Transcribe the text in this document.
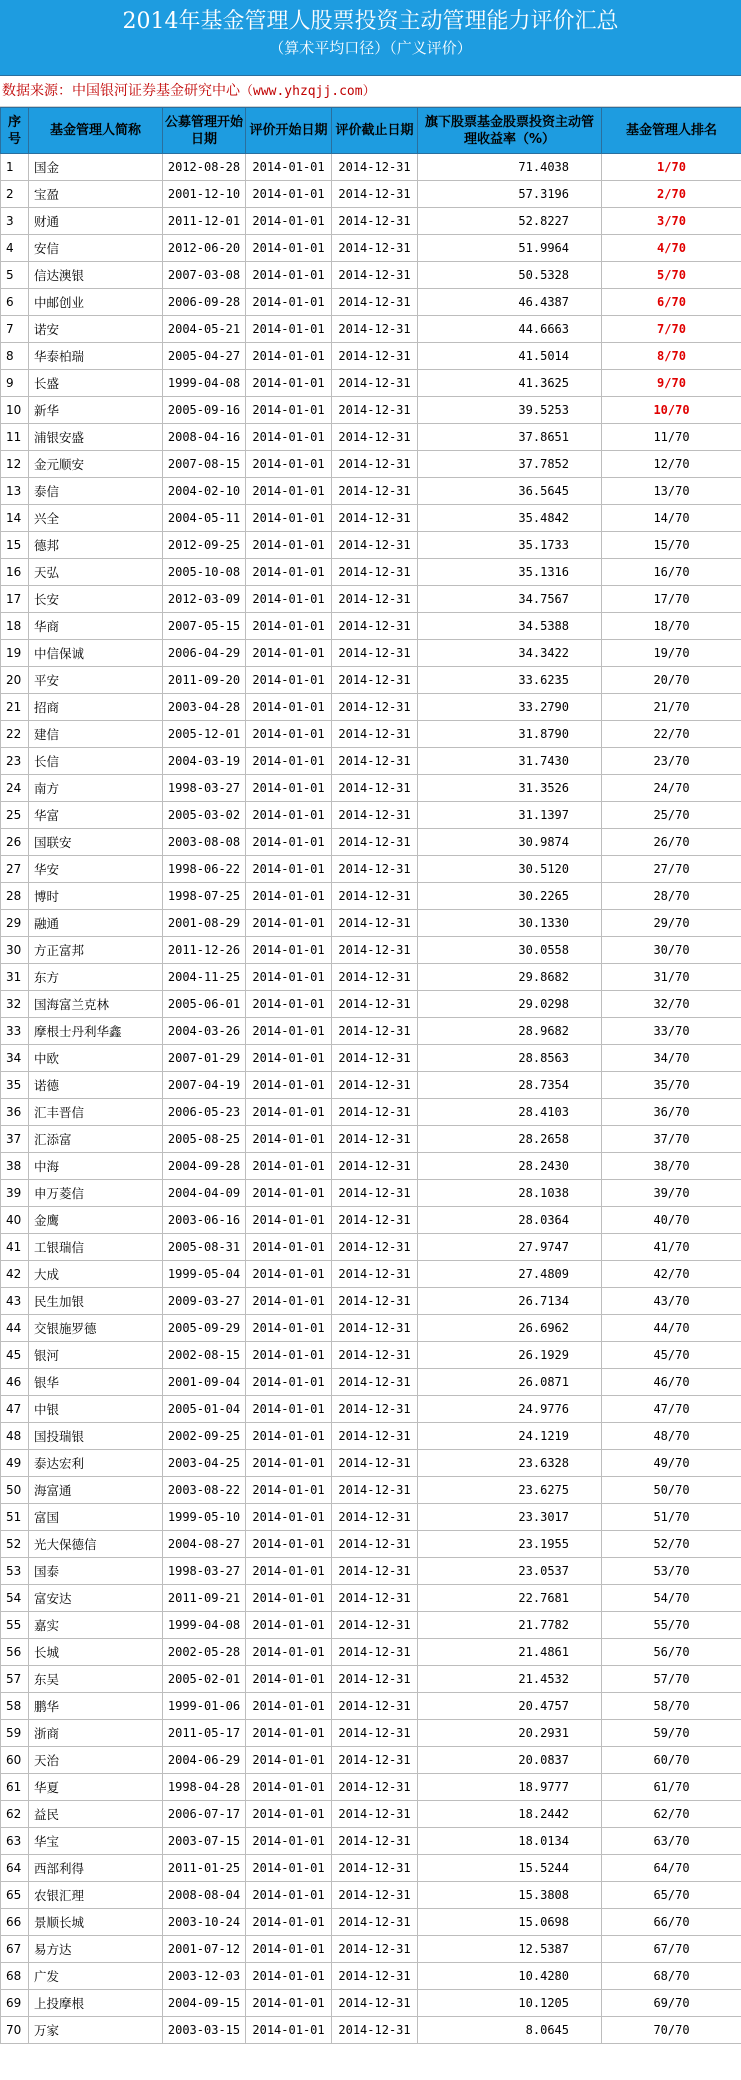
2014年基金管理人股票投资主动管理能力评价汇总
（算术平均口径）（广义评价）
数据来源：中国银河证券基金研究中心（www.yhzqjj.com）
序号	基金管理人简称	公募管理开始日期	评价开始日期	评价截止日期	旗下股票基金股票投资主动管理收益率（%）	基金管理人排名
1	国金	2012-08-28	2014-01-01	2014-12-31	71.4038	1/70
2	宝盈	2001-12-10	2014-01-01	2014-12-31	57.3196	2/70
3	财通	2011-12-01	2014-01-01	2014-12-31	52.8227	3/70
4	安信	2012-06-20	2014-01-01	2014-12-31	51.9964	4/70
5	信达澳银	2007-03-08	2014-01-01	2014-12-31	50.5328	5/70
6	中邮创业	2006-09-28	2014-01-01	2014-12-31	46.4387	6/70
7	诺安	2004-05-21	2014-01-01	2014-12-31	44.6663	7/70
8	华泰柏瑞	2005-04-27	2014-01-01	2014-12-31	41.5014	8/70
9	长盛	1999-04-08	2014-01-01	2014-12-31	41.3625	9/70
10	新华	2005-09-16	2014-01-01	2014-12-31	39.5253	10/70
11	浦银安盛	2008-04-16	2014-01-01	2014-12-31	37.8651	11/70
12	金元顺安	2007-08-15	2014-01-01	2014-12-31	37.7852	12/70
13	泰信	2004-02-10	2014-01-01	2014-12-31	36.5645	13/70
14	兴全	2004-05-11	2014-01-01	2014-12-31	35.4842	14/70
15	德邦	2012-09-25	2014-01-01	2014-12-31	35.1733	15/70
16	天弘	2005-10-08	2014-01-01	2014-12-31	35.1316	16/70
17	长安	2012-03-09	2014-01-01	2014-12-31	34.7567	17/70
18	华商	2007-05-15	2014-01-01	2014-12-31	34.5388	18/70
19	中信保诚	2006-04-29	2014-01-01	2014-12-31	34.3422	19/70
20	平安	2011-09-20	2014-01-01	2014-12-31	33.6235	20/70
21	招商	2003-04-28	2014-01-01	2014-12-31	33.2790	21/70
22	建信	2005-12-01	2014-01-01	2014-12-31	31.8790	22/70
23	长信	2004-03-19	2014-01-01	2014-12-31	31.7430	23/70
24	南方	1998-03-27	2014-01-01	2014-12-31	31.3526	24/70
25	华富	2005-03-02	2014-01-01	2014-12-31	31.1397	25/70
26	国联安	2003-08-08	2014-01-01	2014-12-31	30.9874	26/70
27	华安	1998-06-22	2014-01-01	2014-12-31	30.5120	27/70
28	博时	1998-07-25	2014-01-01	2014-12-31	30.2265	28/70
29	融通	2001-08-29	2014-01-01	2014-12-31	30.1330	29/70
30	方正富邦	2011-12-26	2014-01-01	2014-12-31	30.0558	30/70
31	东方	2004-11-25	2014-01-01	2014-12-31	29.8682	31/70
32	国海富兰克林	2005-06-01	2014-01-01	2014-12-31	29.0298	32/70
33	摩根士丹利华鑫	2004-03-26	2014-01-01	2014-12-31	28.9682	33/70
34	中欧	2007-01-29	2014-01-01	2014-12-31	28.8563	34/70
35	诺德	2007-04-19	2014-01-01	2014-12-31	28.7354	35/70
36	汇丰晋信	2006-05-23	2014-01-01	2014-12-31	28.4103	36/70
37	汇添富	2005-08-25	2014-01-01	2014-12-31	28.2658	37/70
38	中海	2004-09-28	2014-01-01	2014-12-31	28.2430	38/70
39	申万菱信	2004-04-09	2014-01-01	2014-12-31	28.1038	39/70
40	金鹰	2003-06-16	2014-01-01	2014-12-31	28.0364	40/70
41	工银瑞信	2005-08-31	2014-01-01	2014-12-31	27.9747	41/70
42	大成	1999-05-04	2014-01-01	2014-12-31	27.4809	42/70
43	民生加银	2009-03-27	2014-01-01	2014-12-31	26.7134	43/70
44	交银施罗德	2005-09-29	2014-01-01	2014-12-31	26.6962	44/70
45	银河	2002-08-15	2014-01-01	2014-12-31	26.1929	45/70
46	银华	2001-09-04	2014-01-01	2014-12-31	26.0871	46/70
47	中银	2005-01-04	2014-01-01	2014-12-31	24.9776	47/70
48	国投瑞银	2002-09-25	2014-01-01	2014-12-31	24.1219	48/70
49	泰达宏利	2003-04-25	2014-01-01	2014-12-31	23.6328	49/70
50	海富通	2003-08-22	2014-01-01	2014-12-31	23.6275	50/70
51	富国	1999-05-10	2014-01-01	2014-12-31	23.3017	51/70
52	光大保德信	2004-08-27	2014-01-01	2014-12-31	23.1955	52/70
53	国泰	1998-03-27	2014-01-01	2014-12-31	23.0537	53/70
54	富安达	2011-09-21	2014-01-01	2014-12-31	22.7681	54/70
55	嘉实	1999-04-08	2014-01-01	2014-12-31	21.7782	55/70
56	长城	2002-05-28	2014-01-01	2014-12-31	21.4861	56/70
57	东吴	2005-02-01	2014-01-01	2014-12-31	21.4532	57/70
58	鹏华	1999-01-06	2014-01-01	2014-12-31	20.4757	58/70
59	浙商	2011-05-17	2014-01-01	2014-12-31	20.2931	59/70
60	天治	2004-06-29	2014-01-01	2014-12-31	20.0837	60/70
61	华夏	1998-04-28	2014-01-01	2014-12-31	18.9777	61/70
62	益民	2006-07-17	2014-01-01	2014-12-31	18.2442	62/70
63	华宝	2003-07-15	2014-01-01	2014-12-31	18.0134	63/70
64	西部利得	2011-01-25	2014-01-01	2014-12-31	15.5244	64/70
65	农银汇理	2008-08-04	2014-01-01	2014-12-31	15.3808	65/70
66	景顺长城	2003-10-24	2014-01-01	2014-12-31	15.0698	66/70
67	易方达	2001-07-12	2014-01-01	2014-12-31	12.5387	67/70
68	广发	2003-12-03	2014-01-01	2014-12-31	10.4280	68/70
69	上投摩根	2004-09-15	2014-01-01	2014-12-31	10.1205	69/70
70	万家	2003-03-15	2014-01-01	2014-12-31	8.0645	70/70
